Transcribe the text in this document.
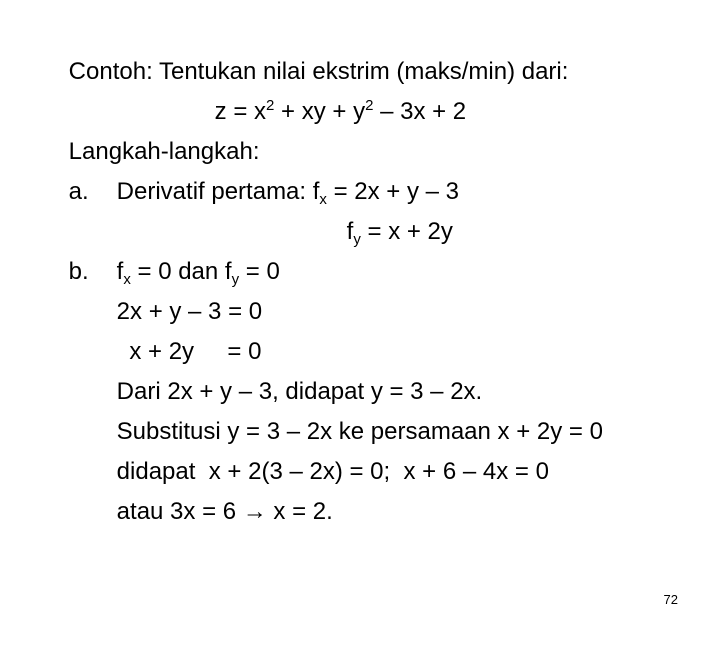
Contoh: Tentukan nilai ekstrim (maks/min) dari:

$z = x^2$ + xy + $y^2 - 3x + 2$

Langkah-langkah:

a.
	Derivatif pertama: $f_x = 2x + y - 3$

$f_y = x + 2y$

b.
	$f_x = 0$ dan $f_y = 0$

2x + y – 3 = 0

x + 2y     = 0

Dari 2x + y – 3, didapat y = 3 – 2x.

Substitusi y = 3 – 2x ke persamaan x + 2y = 0

didapat  x + 2(3 – 2x) = 0;  x + 6 – 4x = 0

atau 3x = 6 → x = 2.

72
